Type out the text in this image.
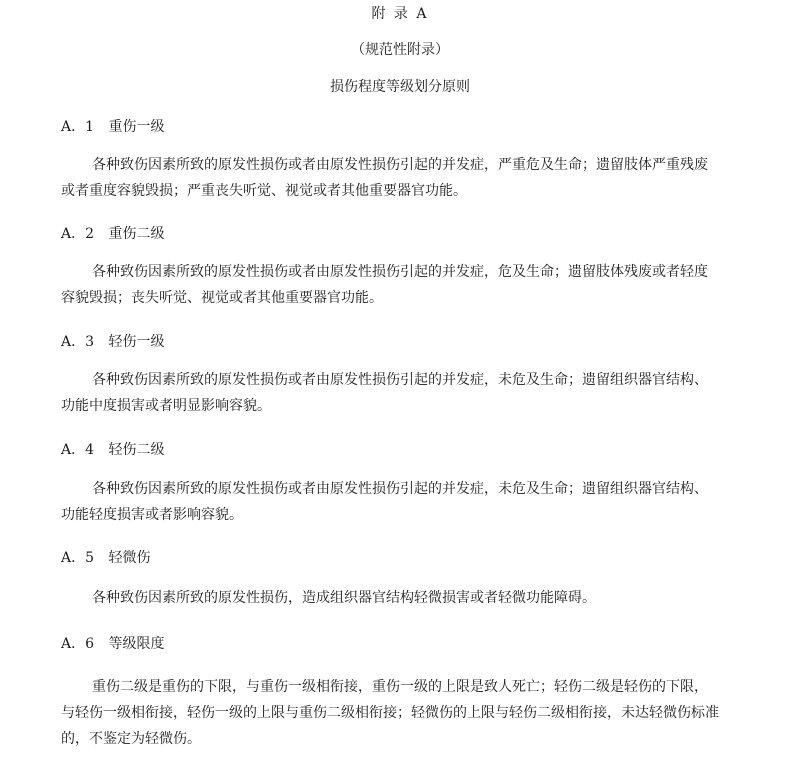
附 录 A
（规范性附录）
损伤程度等级划分原则
A．1 重伤一级
各种致伤因素所致的原发性损伤或者由原发性损伤引起的并发症，严重危及生命；遗留肢体严重残废或者重度容貌毁损；严重丧失听觉、视觉或者其他重要器官功能。
A．2 重伤二级
各种致伤因素所致的原发性损伤或者由原发性损伤引起的并发症，危及生命；遗留肢体残废或者轻度容貌毁损；丧失听觉、视觉或者其他重要器官功能。
A．3 轻伤一级
各种致伤因素所致的原发性损伤或者由原发性损伤引起的并发症，未危及生命；遗留组织器官结构、功能中度损害或者明显影响容貌。
A．4 轻伤二级
各种致伤因素所致的原发性损伤或者由原发性损伤引起的并发症，未危及生命；遗留组织器官结构、功能轻度损害或者影响容貌。
A．5 轻微伤
各种致伤因素所致的原发性损伤，造成组织器官结构轻微损害或者轻微功能障碍。
A．6 等级限度
重伤二级是重伤的下限，与重伤一级相衔接，重伤一级的上限是致人死亡；轻伤二级是轻伤的下限，与轻伤一级相衔接，轻伤一级的上限与重伤二级相衔接；轻微伤的上限与轻伤二级相衔接，未达轻微伤标准的，不鉴定为轻微伤。
